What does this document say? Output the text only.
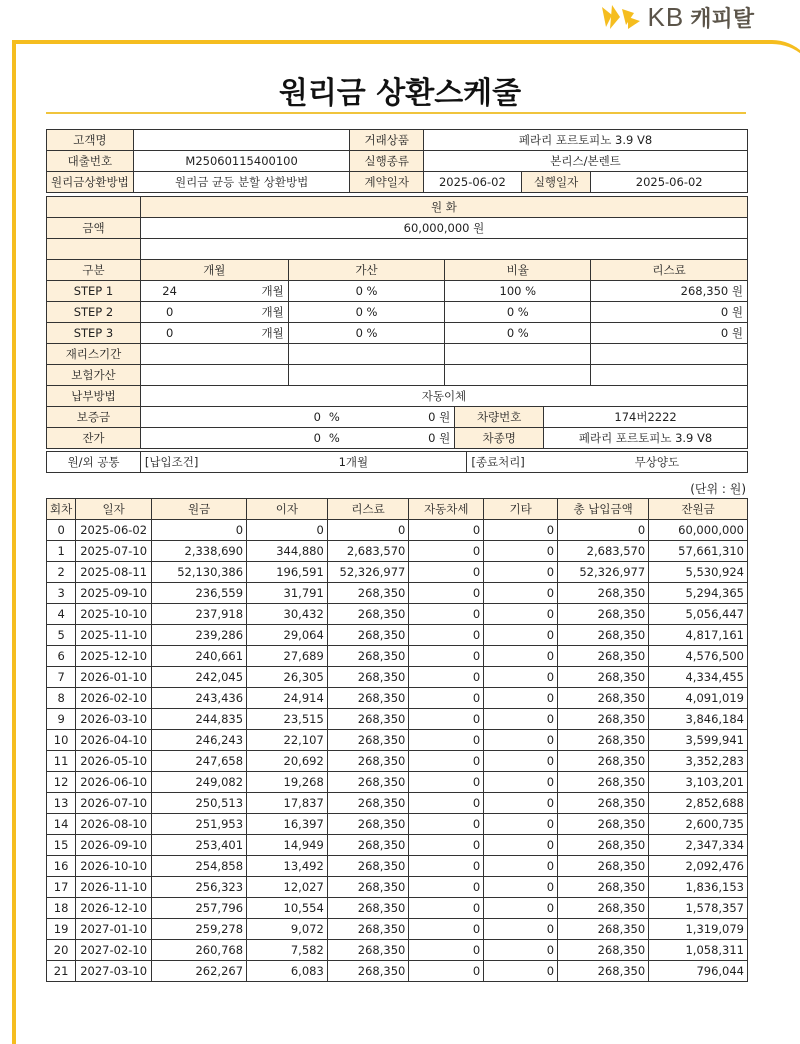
KB 캐피탈
원리금 상환스케줄
고객명		거래상품	페라리 포르토피노 3.9 V8		
대출번호	M25060115400100	실행종류	본리스/본렌트		
원리금상환방법	원리금 균등 분할 상환방법	계약일자	2025-06-02	실행일자	2025-06-02
	원 화				
금액	60,000,000 원				

구분	개월		가산	비율	리스료
STEP 1	24	개월	0 %	100 %	268,350 원
STEP 2	0	개월	0 %	0 %	0 원
STEP 3	0	개월	0 %	0 %	0 원
재리스기간					
보험가산					
납부방법	자동이체				
보증금	0	%	0 원	차량번호	174버2222
잔가	0	%	0 원	차종명	페라리 포르토피노 3.9 V8
원/외 공통	[납입조건]	1개월	[종료처리]	무상양도
(단위 : 원)
회차	일자	원금	이자	리스료	자동차세	기타	총 납입금액	잔원금
0	2025-06-02	0	0	0	0	0	0	60,000,000
1	2025-07-10	2,338,690	344,880	2,683,570	0	0	2,683,570	57,661,310
2	2025-08-11	52,130,386	196,591	52,326,977	0	0	52,326,977	5,530,924
3	2025-09-10	236,559	31,791	268,350	0	0	268,350	5,294,365
4	2025-10-10	237,918	30,432	268,350	0	0	268,350	5,056,447
5	2025-11-10	239,286	29,064	268,350	0	0	268,350	4,817,161
6	2025-12-10	240,661	27,689	268,350	0	0	268,350	4,576,500
7	2026-01-10	242,045	26,305	268,350	0	0	268,350	4,334,455
8	2026-02-10	243,436	24,914	268,350	0	0	268,350	4,091,019
9	2026-03-10	244,835	23,515	268,350	0	0	268,350	3,846,184
10	2026-04-10	246,243	22,107	268,350	0	0	268,350	3,599,941
11	2026-05-10	247,658	20,692	268,350	0	0	268,350	3,352,283
12	2026-06-10	249,082	19,268	268,350	0	0	268,350	3,103,201
13	2026-07-10	250,513	17,837	268,350	0	0	268,350	2,852,688
14	2026-08-10	251,953	16,397	268,350	0	0	268,350	2,600,735
15	2026-09-10	253,401	14,949	268,350	0	0	268,350	2,347,334
16	2026-10-10	254,858	13,492	268,350	0	0	268,350	2,092,476
17	2026-11-10	256,323	12,027	268,350	0	0	268,350	1,836,153
18	2026-12-10	257,796	10,554	268,350	0	0	268,350	1,578,357
19	2027-01-10	259,278	9,072	268,350	0	0	268,350	1,319,079
20	2027-02-10	260,768	7,582	268,350	0	0	268,350	1,058,311
21	2027-03-10	262,267	6,083	268,350	0	0	268,350	796,044
